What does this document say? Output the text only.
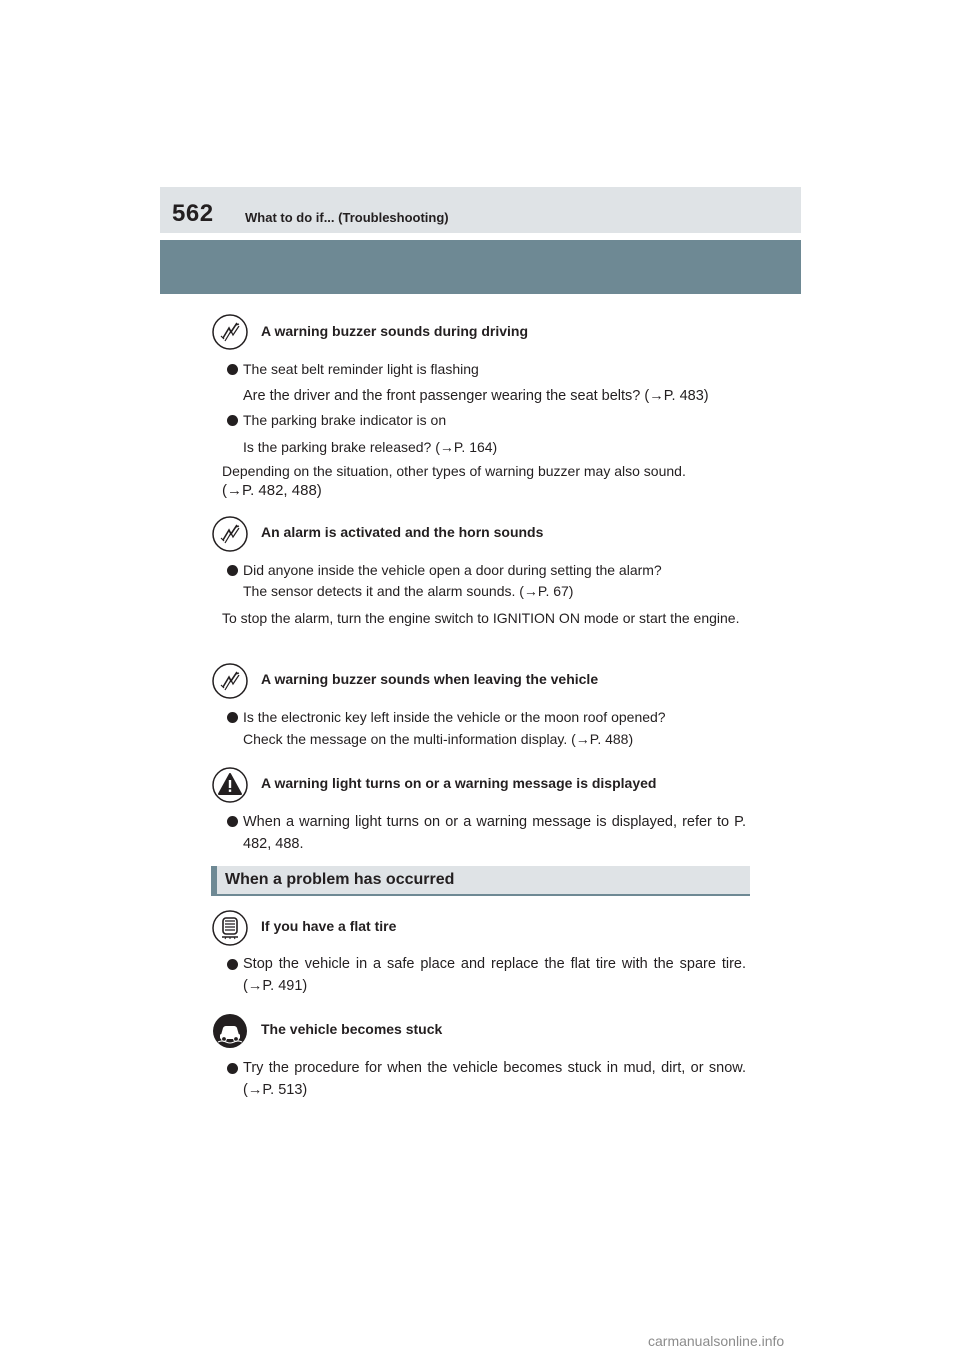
562 What to do if... (Troubleshooting)
A warning buzzer sounds during driving
The seat belt reminder light is flashing
Are the driver and the front passenger wearing the seat belts? (→P. 483)
The parking brake indicator is on
Is the parking brake released? (→P. 164)
Depending on the situation, other types of warning buzzer may also sound.
(→P. 482, 488)
An alarm is activated and the horn sounds
Did anyone inside the vehicle open a door during setting the alarm?
The sensor detects it and the alarm sounds. (→P. 67)
To stop the alarm, turn the engine switch to IGNITION ON mode or start the engine.
A warning buzzer sounds when leaving the vehicle
Is the electronic key left inside the vehicle or the moon roof opened?
Check the message on the multi-information display. (→P. 488)
A warning light turns on or a warning message is displayed
When a warning light turns on or a warning message is displayed, refer to P. 482, 488.
When a problem has occurred
If you have a flat tire
Stop the vehicle in a safe place and replace the flat tire with the spare tire. (→P. 491)
The vehicle becomes stuck
Try the procedure for when the vehicle becomes stuck in mud, dirt, or snow. (→P. 513)
carmanualsonline.info
